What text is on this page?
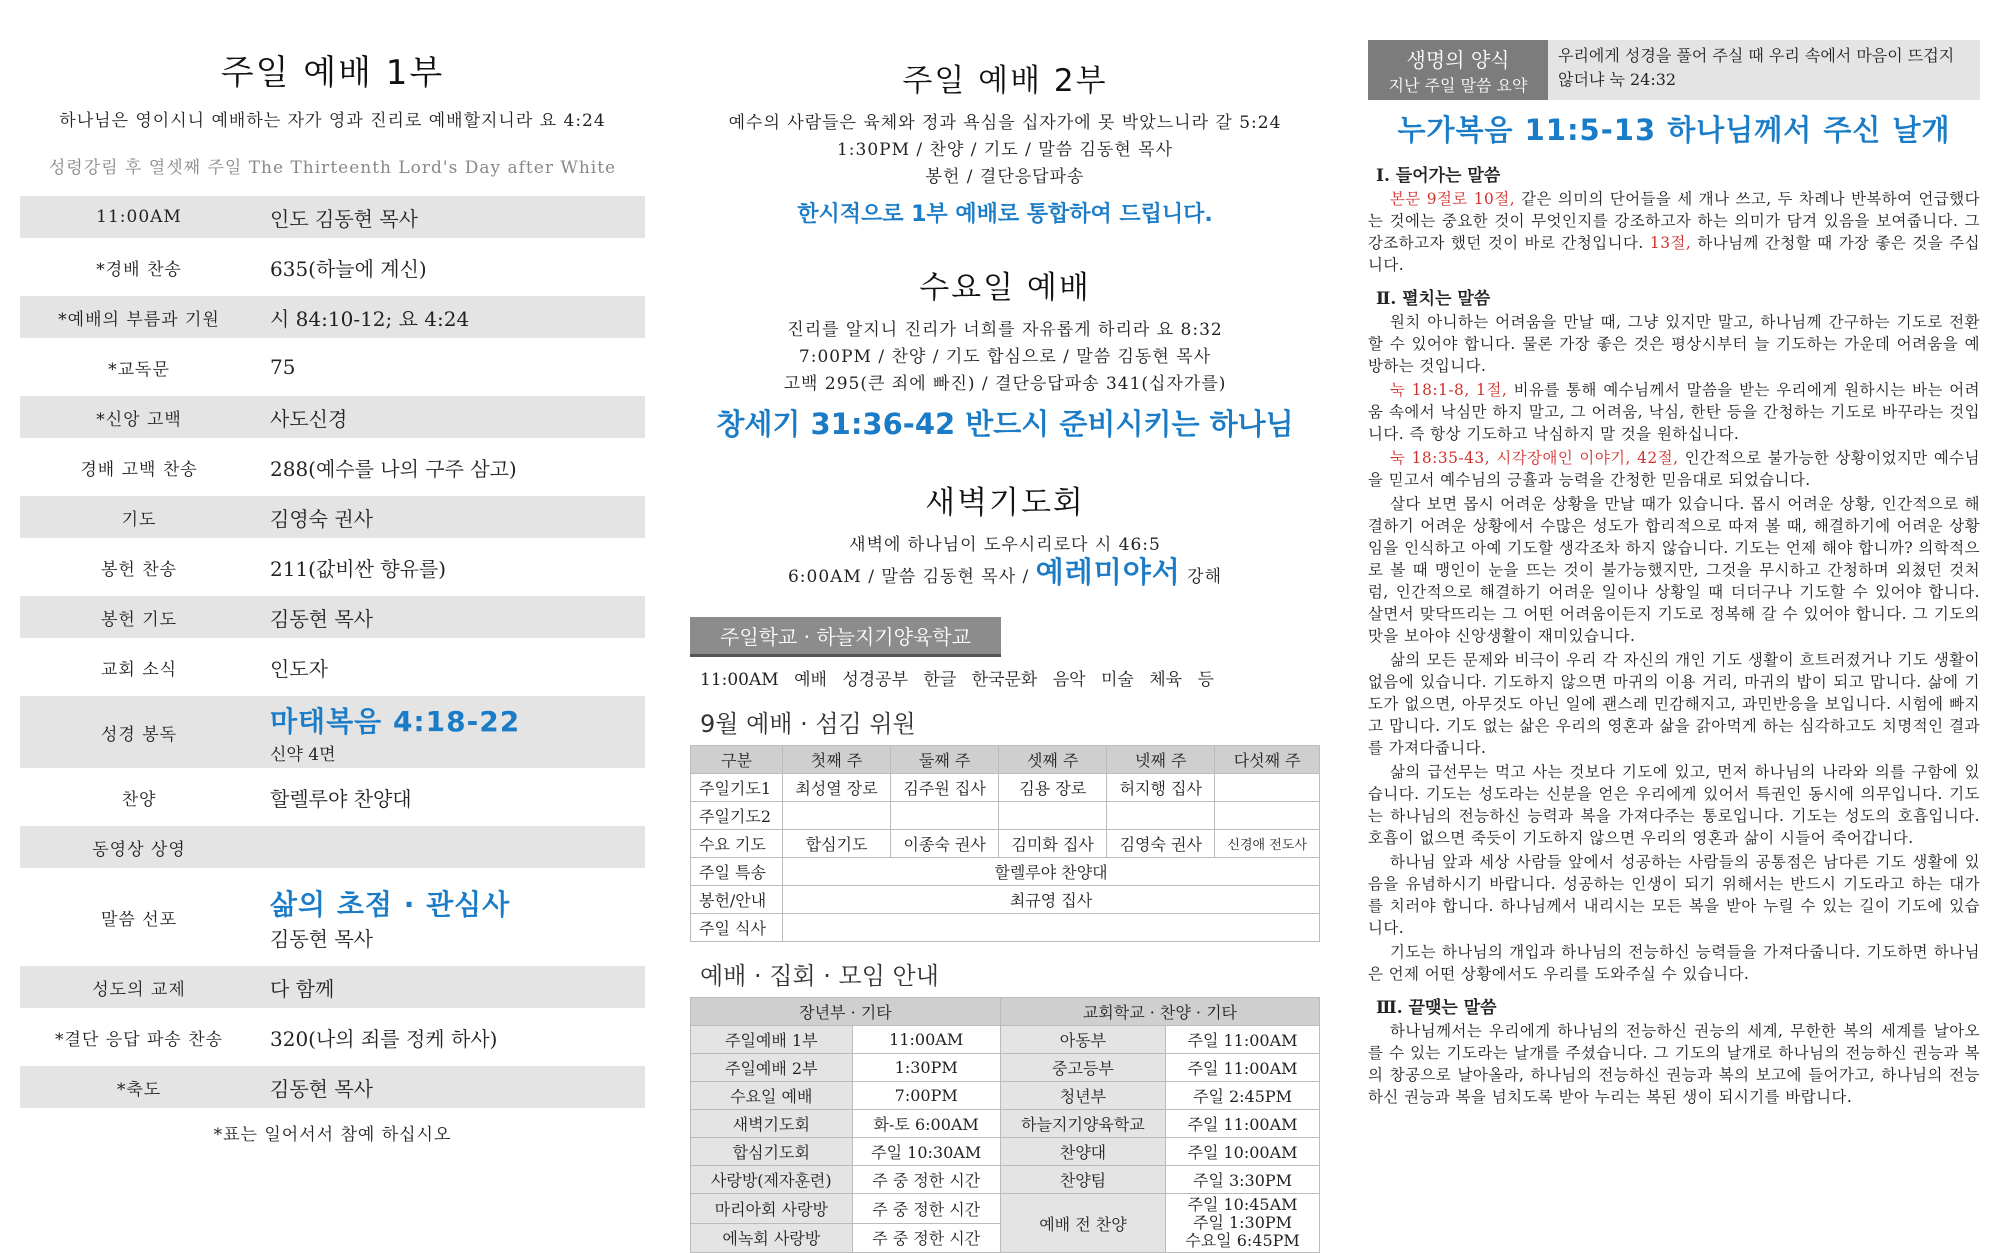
주일 예배 1부
하나님은 영이시니 예배하는 자가 영과 진리로 예배할지니라 요 4:24
성령강림 후 열셋째 주일 The Thirteenth Lord's Day after White
11:00AM	인도 김동현 목사
*경배 찬송	635(하늘에 계신)
*예배의 부름과 기원	시 84:10-12; 요 4:24
*교독문	75
*신앙 고백	사도신경
경배 고백 찬송	288(예수를 나의 구주 삼고)
기도	김영숙 권사
봉헌 찬송	211(값비싼 향유를)
봉헌 기도	김동현 목사
교회 소식	인도자
성경 봉독	마태복음 4:18-22
신약 4면
찬양	할렐루야 찬양대
동영상 상영
말씀 선포	삶의 초점 · 관심사
김동현 목사
성도의 교제	다 함께
*결단 응답 파송 찬송	320(나의 죄를 정케 하사)
*축도	김동현 목사
*표는 일어서서 참예 하십시오
주일 예배 2부
예수의 사람들은 육체와 정과 욕심을 십자가에 못 박았느니라 갈 5:24
1:30PM / 찬양 / 기도 / 말씀 김동현 목사
봉헌 / 결단응답파송
한시적으로 1부 예배로 통합하여 드립니다.
수요일 예배
진리를 알지니 진리가 너희를 자유롭게 하리라 요 8:32
7:00PM / 찬양 / 기도 합심으로 / 말씀 김동현 목사
고백 295(큰 죄에 빠진) / 결단응답파송 341(십자가를)
창세기 31:36-42 반드시 준비시키는 하나님
새벽기도회
새벽에 하나님이 도우시리로다 시 46:5
6:00AM / 말씀 김동현 목사 / 예레미야서 강해
주일학교 · 하늘지기양육학교
11:00AM 예배 성경공부 한글 한국문화 음악 미술 체육 등
9월 예배 · 섬김 위원
구분	첫째 주	둘째 주	셋째 주	넷째 주	다섯째 주
주일기도1	최성열 장로	김주원 집사	김용 장로	허지행 집사	
주일기도2					
수요 기도	합심기도	이종숙 권사	김미화 집사	김영숙 권사	신경애 전도사
주일 특송	할렐루야 찬양대				
봉헌/안내	최규영 집사				
주일 식사					
예배 · 집회 · 모임 안내
장년부 · 기타		교회학교 · 찬양 · 기타	
주일예배 1부	11:00AM	아동부	주일 11:00AM
주일예배 2부	1:30PM	중고등부	주일 11:00AM
수요일 예배	7:00PM	청년부	주일 2:45PM
새벽기도회	화-토 6:00AM	하늘지기양육학교	주일 11:00AM
합심기도회	주일 10:30AM	찬양대	주일 10:00AM
사랑방(제자훈련)	주 중 정한 시간	찬양팀	주일 3:30PM
마리아회 사랑방	주 중 정한 시간	예배 전 찬양	주일 10:45AM
주일 1:30PM
수요일 6:45PM

에녹회 사랑방	주 중 정한 시간		
생명의 양식
지난 주일 말씀 요약
우리에게 성경을 풀어 주실 때 우리 속에서 마음이 뜨겁지 않더냐 눅 24:32
누가복음 11:5-13 하나님께서 주신 날개
Ⅰ. 들어가는 말씀

본문 9절로 10절, 같은 의미의 단어들을 세 개나 쓰고, 두 차례나 반복하여 언급했다는 것에는 중요한 것이 무엇인지를 강조하고자 하는 의미가 담겨 있음을 보여줍니다. 그 강조하고자 했던 것이 바로 간청입니다. 13절, 하나님께 간청할 때 가장 좋은 것을 주십니다.

Ⅱ. 펼치는 말씀

원치 아니하는 어려움을 만날 때, 그냥 있지만 말고, 하나님께 간구하는 기도로 전환할 수 있어야 합니다. 물론 가장 좋은 것은 평상시부터 늘 기도하는 가운데 어려움을 예방하는 것입니다.

눅 18:1-8, 1절, 비유를 통해 예수님께서 말씀을 받는 우리에게 원하시는 바는 어려움 속에서 낙심만 하지 말고, 그 어려움, 낙심, 한탄 등을 간청하는 기도로 바꾸라는 것입니다. 즉 항상 기도하고 낙심하지 말 것을 원하십니다.

눅 18:35-43, 시각장애인 이야기, 42절, 인간적으로 불가능한 상황이었지만 예수님을 믿고서 예수님의 긍휼과 능력을 간청한 믿음대로 되었습니다.

살다 보면 몹시 어려운 상황을 만날 때가 있습니다. 몹시 어려운 상황, 인간적으로 해결하기 어려운 상황에서 수많은 성도가 합리적으로 따져 볼 때, 해결하기에 어려운 상황임을 인식하고 아예 기도할 생각조차 하지 않습니다. 기도는 언제 해야 합니까? 의학적으로 볼 때 맹인이 눈을 뜨는 것이 불가능했지만, 그것을 무시하고 간청하며 외쳤던 것처럼, 인간적으로 해결하기 어려운 일이나 상황일 때 더더구나 기도할 수 있어야 합니다. 살면서 맞닥뜨리는 그 어떤 어려움이든지 기도로 정복해 갈 수 있어야 합니다. 그 기도의 맛을 보아야 신앙생활이 재미있습니다.

삶의 모든 문제와 비극이 우리 각 자신의 개인 기도 생활이 흐트러졌거나 기도 생활이 없음에 있습니다. 기도하지 않으면 마귀의 이용 거리, 마귀의 밥이 되고 맙니다. 삶에 기도가 없으면, 아무것도 아닌 일에 괜스레 민감해지고, 과민반응을 보입니다. 시험에 빠지고 맙니다. 기도 없는 삶은 우리의 영혼과 삶을 갉아먹게 하는 심각하고도 치명적인 결과를 가져다줍니다.

삶의 급선무는 먹고 사는 것보다 기도에 있고, 먼저 하나님의 나라와 의를 구함에 있습니다. 기도는 성도라는 신분을 얻은 우리에게 있어서 특권인 동시에 의무입니다. 기도는 하나님의 전능하신 능력과 복을 가져다주는 통로입니다. 기도는 성도의 호흡입니다. 호흡이 없으면 죽듯이 기도하지 않으면 우리의 영혼과 삶이 시들어 죽어갑니다.

하나님 앞과 세상 사람들 앞에서 성공하는 사람들의 공통점은 남다른 기도 생활에 있음을 유념하시기 바랍니다. 성공하는 인생이 되기 위해서는 반드시 기도라고 하는 대가를 치러야 합니다. 하나님께서 내리시는 모든 복을 받아 누릴 수 있는 길이 기도에 있습니다.

기도는 하나님의 개입과 하나님의 전능하신 능력들을 가져다줍니다. 기도하면 하나님은 언제 어떤 상황에서도 우리를 도와주실 수 있습니다.

Ⅲ. 끝맺는 말씀

하나님께서는 우리에게 하나님의 전능하신 권능의 세계, 무한한 복의 세계를 날아오를 수 있는 기도라는 날개를 주셨습니다. 그 기도의 날개로 하나님의 전능하신 권능과 복의 창공으로 날아올라, 하나님의 전능하신 권능과 복의 보고에 들어가고, 하나님의 전능하신 권능과 복을 넘치도록 받아 누리는 복된 생이 되시기를 바랍니다.
